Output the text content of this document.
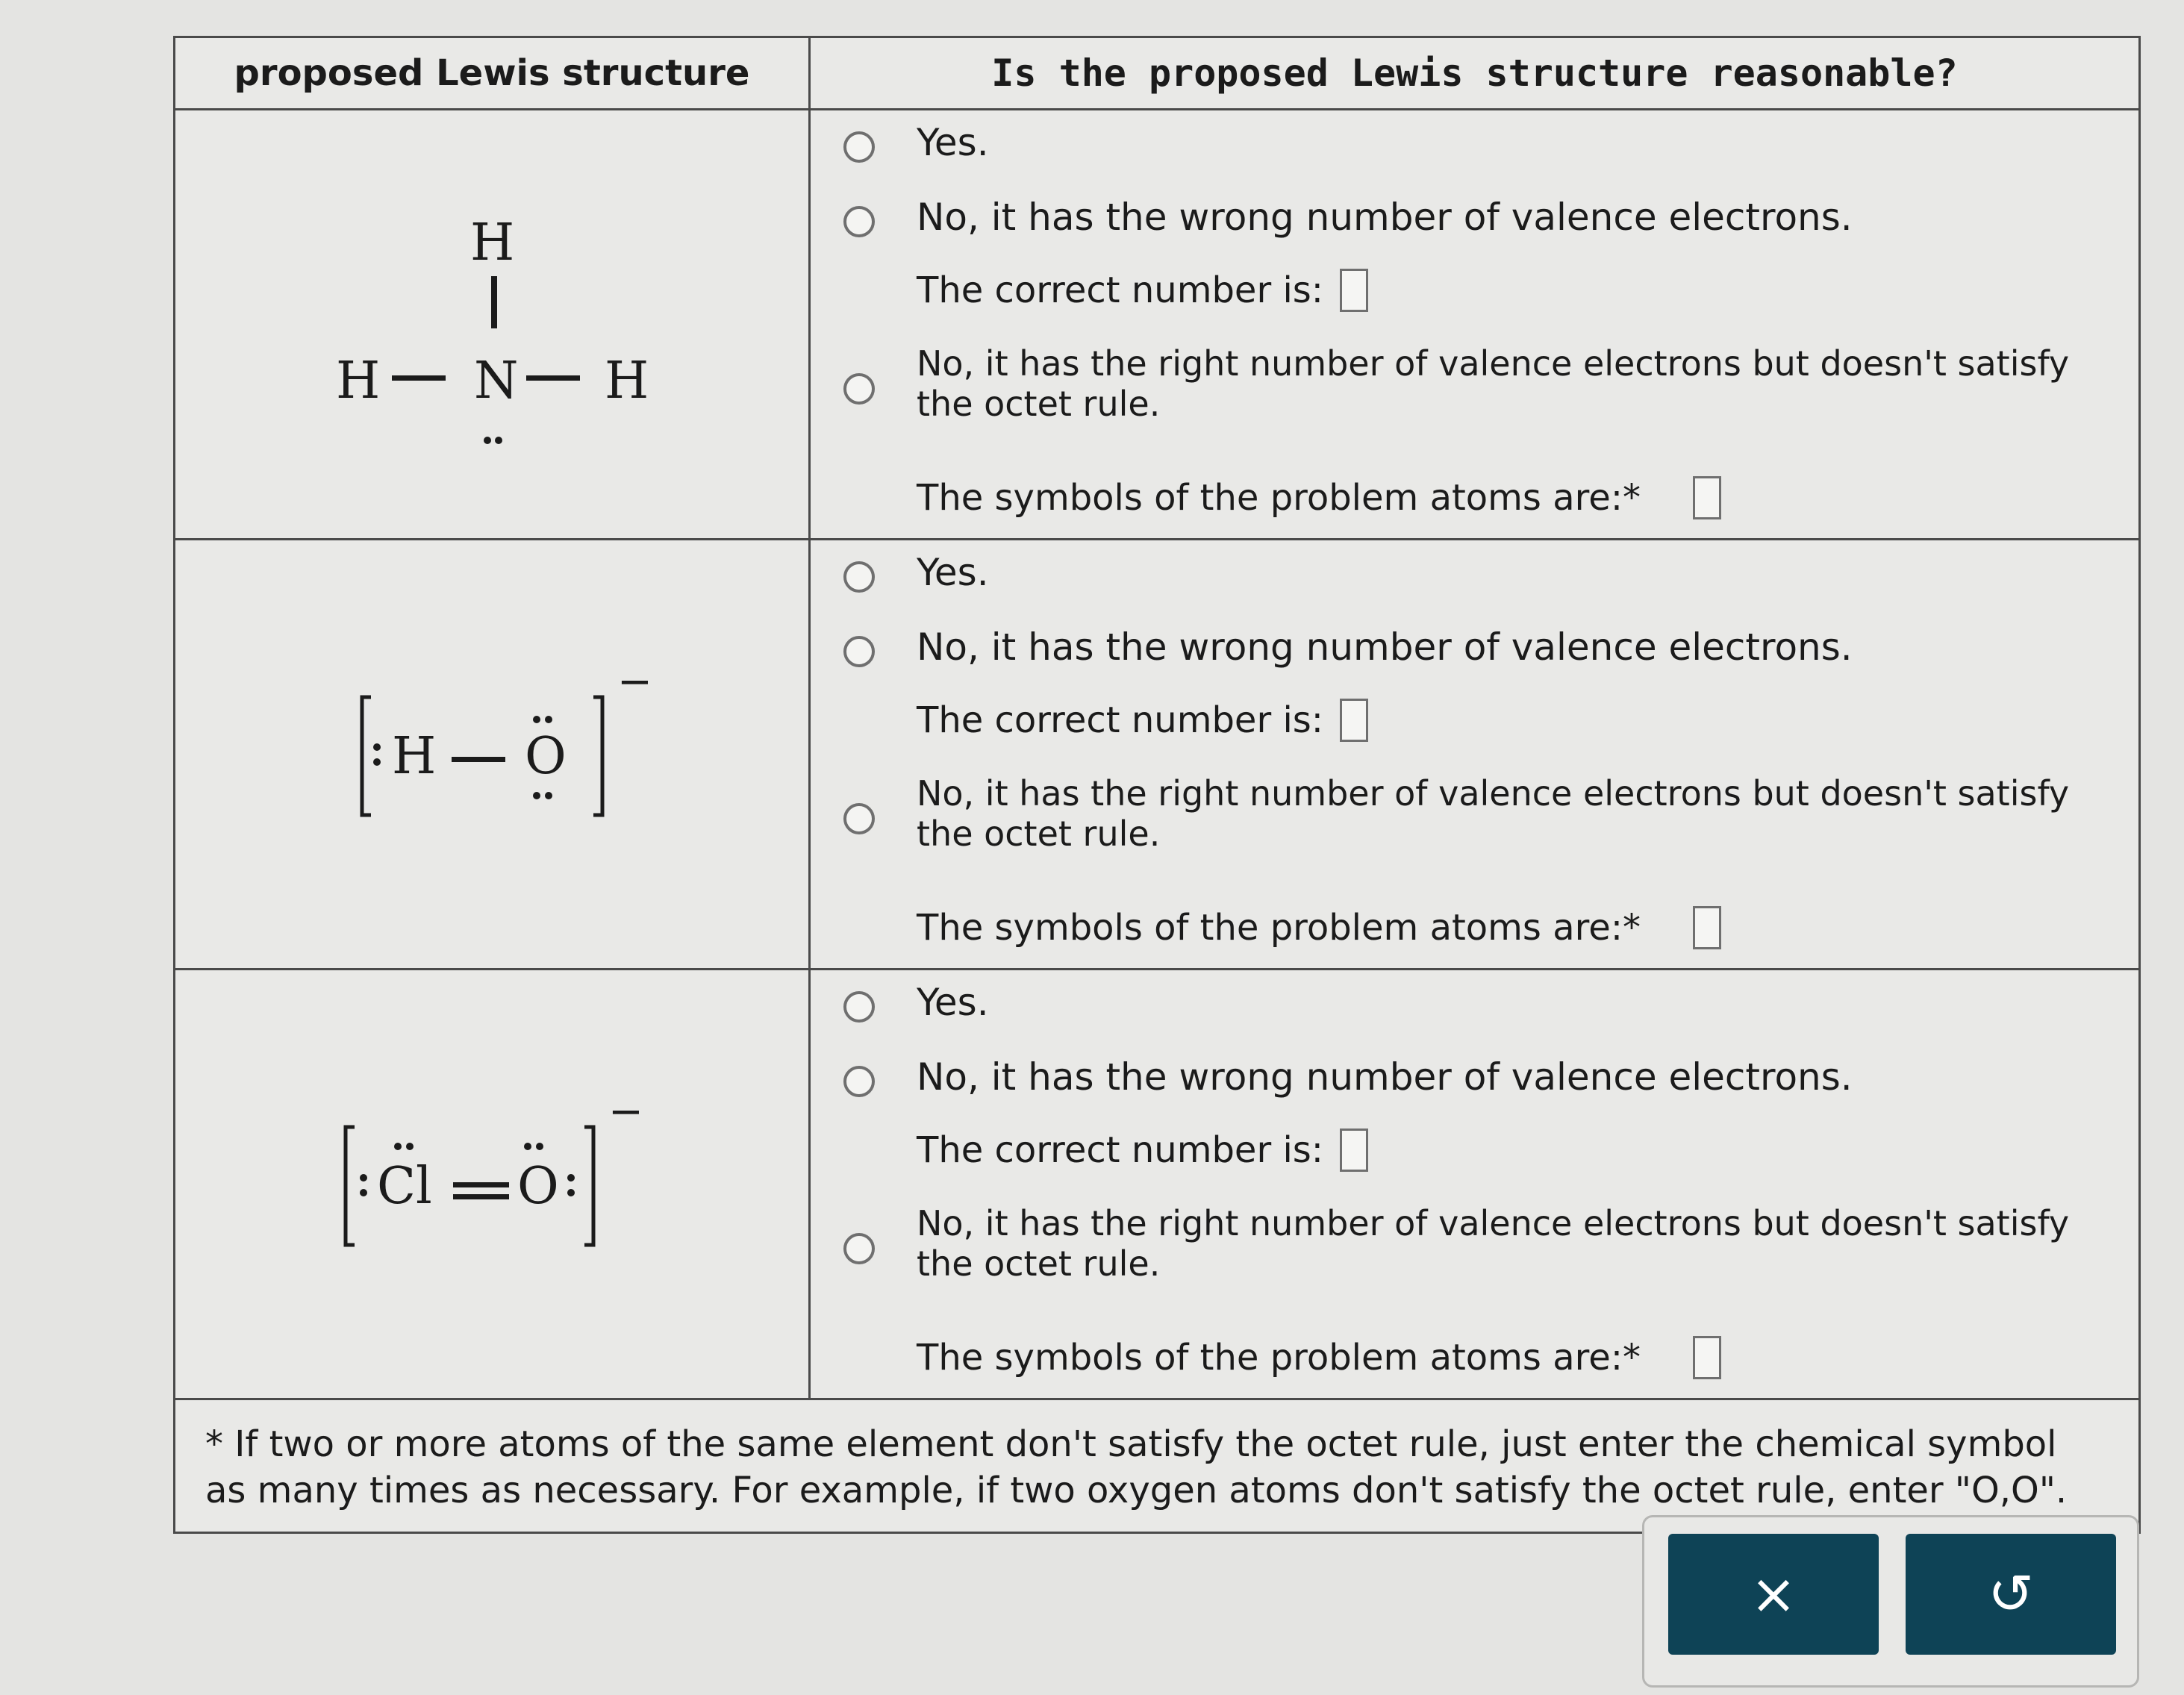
proposed Lewis structure	Is the proposed Lewis structure reasonable?
H
H N H
Yes.
No, it has the wrong number of valence electrons.
The correct number is:
No, it has the right number of valence electrons but doesn't satisfy the octet rule.
The symbols of the problem atoms are:*
H O
−
Yes.
No, it has the wrong number of valence electrons.
The correct number is:
No, it has the right number of valence electrons but doesn't satisfy the octet rule.
The symbols of the problem atoms are:*
Cl O
−
Yes.
No, it has the wrong number of valence electrons.
The correct number is:
No, it has the right number of valence electrons but doesn't satisfy the octet rule.
The symbols of the problem atoms are:*
* If two or more atoms of the same element don't satisfy the octet rule, just enter the chemical symbol as many times as necessary. For example, if two oxygen atoms don't satisfy the octet rule, enter "O,O".
×	↺
